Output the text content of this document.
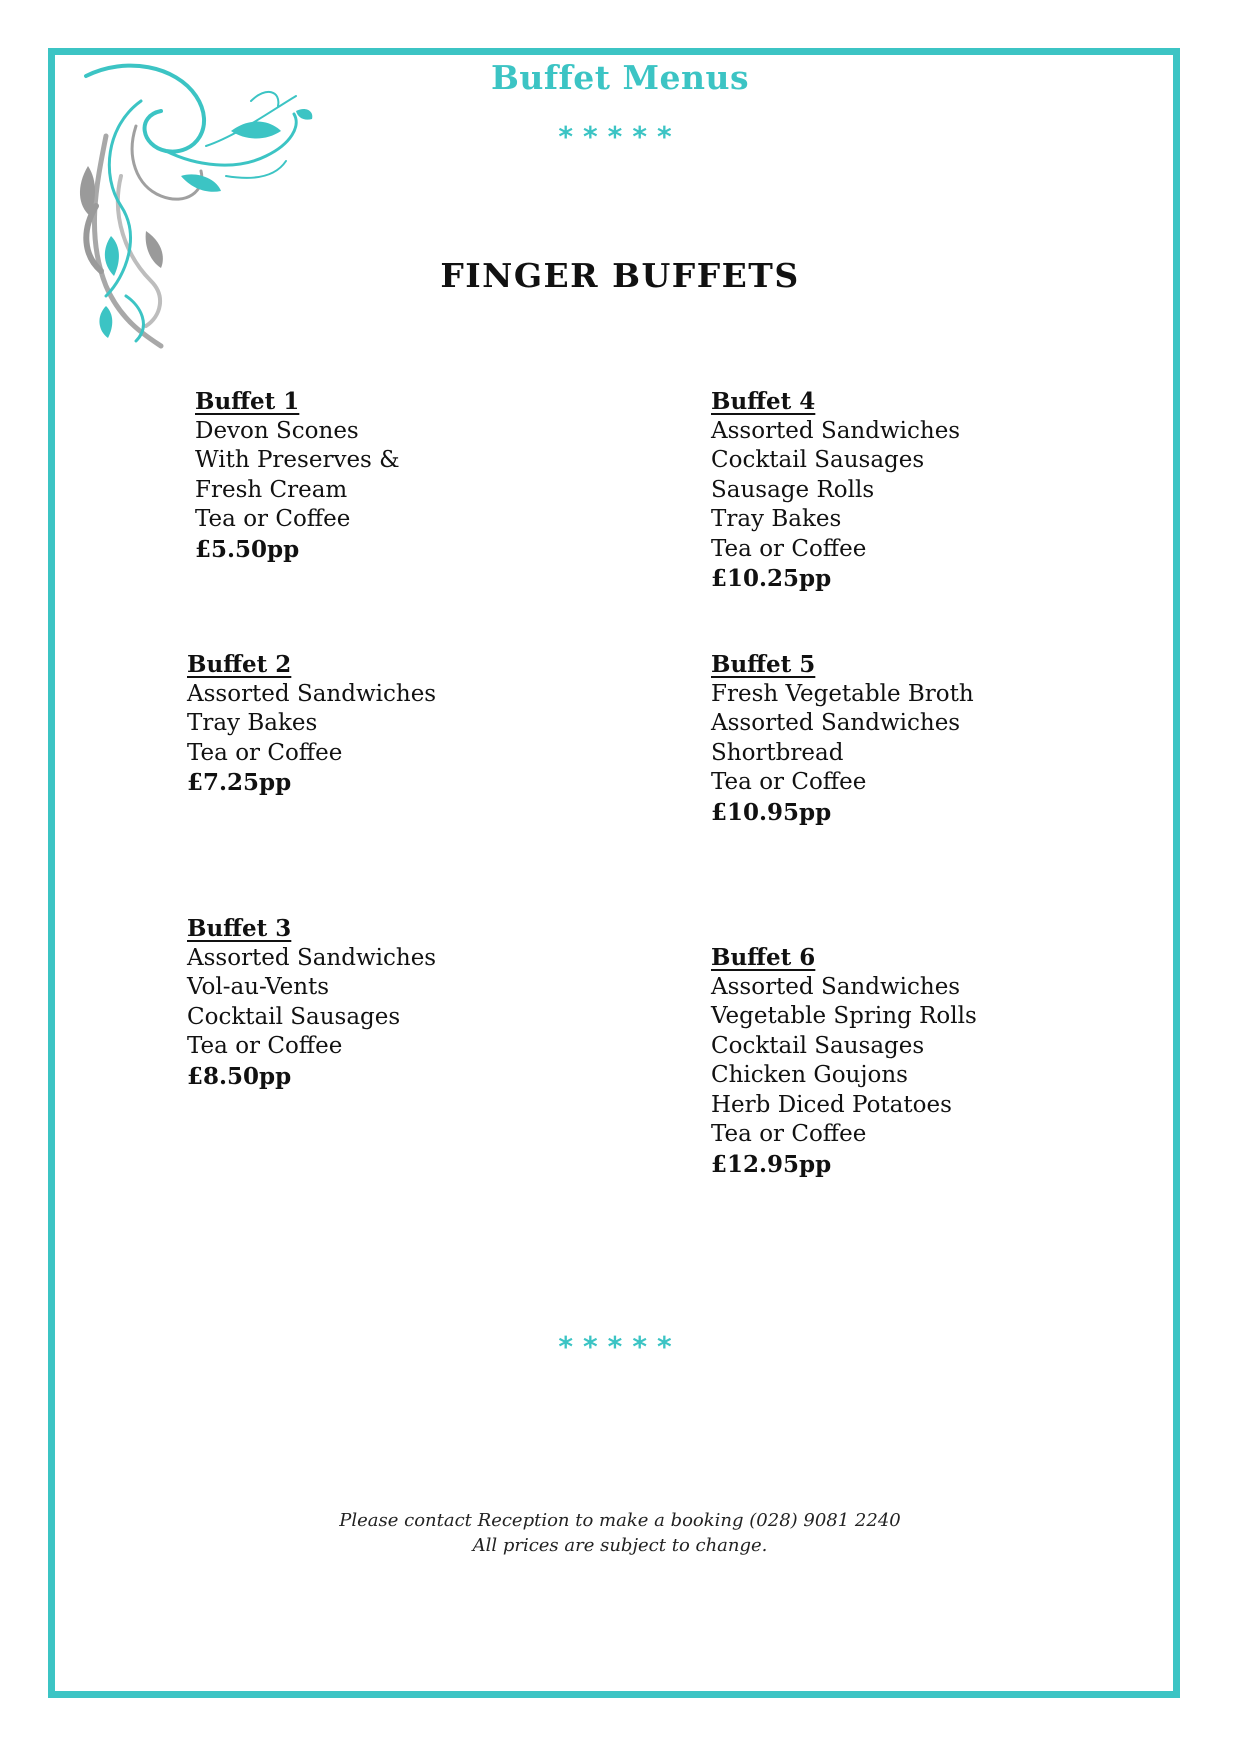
Buffet Menus
*****
FINGER BUFFETS
Buffet 1
Devon Scones
With Preserves &
Fresh Cream
Tea or Coffee
£5.50pp
Buffet 2
Assorted Sandwiches
Tray Bakes
Tea or Coffee
£7.25pp
Buffet 3
Assorted Sandwiches
Vol-au-Vents
Cocktail Sausages
Tea or Coffee
£8.50pp
Buffet 4
Assorted Sandwiches
Cocktail Sausages
Sausage Rolls
Tray Bakes
Tea or Coffee
£10.25pp
Buffet 5
Fresh Vegetable Broth
Assorted Sandwiches
Shortbread
Tea or Coffee
£10.95pp
Buffet 6
Assorted Sandwiches
Vegetable Spring Rolls
Cocktail Sausages
Chicken Goujons
Herb Diced Potatoes
Tea or Coffee
£12.95pp
*****
Please contact Reception to make a booking (028) 9081 2240
All prices are subject to change.
